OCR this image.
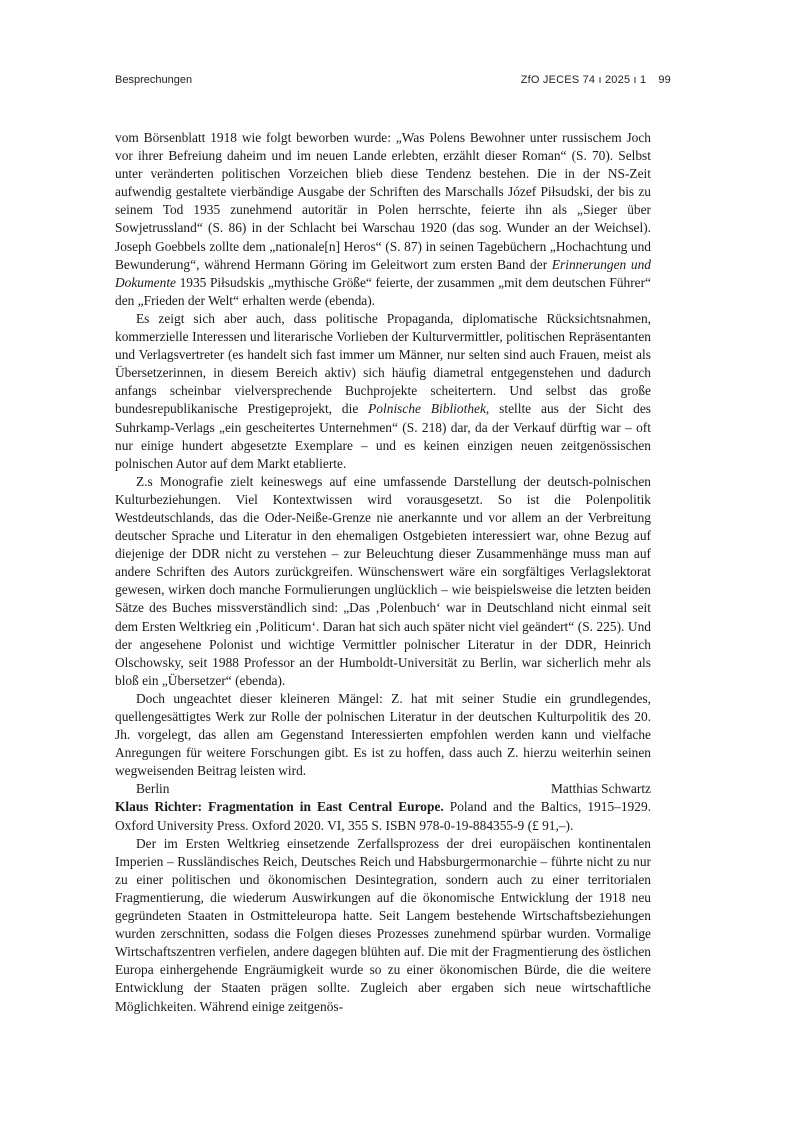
Besprechungen	ZfO JECES 74 ı 2025 ı 1 99

vom Börsenblatt 1918 wie folgt beworben wurde: „Was Polens Bewohner unter russischem Joch vor ihrer Befreiung daheim und im neuen Lande erlebten, erzählt dieser Roman“ (S. 70). Selbst unter veränderten politischen Vorzeichen blieb diese Tendenz bestehen. Die in der NS-Zeit aufwendig gestaltete vierbändige Ausgabe der Schriften des Marschalls Józef Piłsudski, der bis zu seinem Tod 1935 zunehmend autoritär in Polen herrschte, feierte ihn als „Sieger über Sowjetrussland“ (S. 86) in der Schlacht bei Warschau 1920 (das sog. Wunder an der Weichsel). Joseph Goebbels zollte dem „nationale[n] Heros“ (S. 87) in seinen Tagebüchern „Hochachtung und Bewunderung“, während Hermann Göring im Geleitwort zum ersten Band der Erinnerungen und Dokumente 1935 Piłsudskis „mythische Größe“ feierte, der zusammen „mit dem deutschen Führer“ den „Frieden der Welt“ erhalten werde (ebenda).

Es zeigt sich aber auch, dass politische Propaganda, diplomatische Rücksichtsnahmen, kommerzielle Interessen und literarische Vorlieben der Kulturvermittler, politischen Repräsentanten und Verlagsvertreter (es handelt sich fast immer um Männer, nur selten sind auch Frauen, meist als Übersetzerinnen, in diesem Bereich aktiv) sich häufig diametral entgegenstehen und dadurch anfangs scheinbar vielversprechende Buchprojekte scheitertern. Und selbst das große bundesrepublikanische Prestigeprojekt, die Polnische Bibliothek, stellte aus der Sicht des Suhrkamp-Verlags „ein gescheitertes Unternehmen“ (S. 218) dar, da der Verkauf dürftig war – oft nur einige hundert abgesetzte Exemplare – und es keinen einzigen neuen zeitgenössischen polnischen Autor auf dem Markt etablierte.

Z.s Monografie zielt keineswegs auf eine umfassende Darstellung der deutsch-polnischen Kulturbeziehungen. Viel Kontextwissen wird vorausgesetzt. So ist die Polenpolitik Westdeutschlands, das die Oder-Neiße-Grenze nie anerkannte und vor allem an der Verbreitung deutscher Sprache und Literatur in den ehemaligen Ostgebieten interessiert war, ohne Bezug auf diejenige der DDR nicht zu verstehen – zur Beleuchtung dieser Zusammenhänge muss man auf andere Schriften des Autors zurückgreifen. Wünschenswert wäre ein sorgfältiges Verlagslektorat gewesen, wirken doch manche Formulierungen unglücklich – wie beispielsweise die letzten beiden Sätze des Buches missverständlich sind: „Das ‚Polenbuch‘ war in Deutschland nicht einmal seit dem Ersten Weltkrieg ein ‚Politicum‘. Daran hat sich auch später nicht viel geändert“ (S. 225). Und der angesehene Polonist und wichtige Vermittler polnischer Literatur in der DDR, Heinrich Olschowsky, seit 1988 Professor an der Humboldt-Universität zu Berlin, war sicherlich mehr als bloß ein „Übersetzer“ (ebenda).

Doch ungeachtet dieser kleineren Mängel: Z. hat mit seiner Studie ein grundlegendes, quellengesättigtes Werk zur Rolle der polnischen Literatur in der deutschen Kulturpolitik des 20. Jh. vorgelegt, das allen am Gegenstand Interessierten empfohlen werden kann und vielfache Anregungen für weitere Forschungen gibt. Es ist zu hoffen, dass auch Z. hierzu weiterhin seinen wegweisenden Beitrag leisten wird.

Berlin	Matthias Schwartz

Klaus Richter: Fragmentation in East Central Europe. Poland and the Baltics, 1915–1929. Oxford University Press. Oxford 2020. VI, 355 S. ISBN 978-0-19-884355-9 (£ 91,–).

Der im Ersten Weltkrieg einsetzende Zerfallsprozess der drei europäischen kontinentalen Imperien – Russländisches Reich, Deutsches Reich und Habsburgermonarchie – führte nicht zu nur zu einer politischen und ökonomischen Desintegration, sondern auch zu einer territorialen Fragmentierung, die wiederum Auswirkungen auf die ökonomische Entwicklung der 1918 neu gegründeten Staaten in Ostmitteleuropa hatte. Seit Langem bestehende Wirtschaftsbeziehungen wurden zerschnitten, sodass die Folgen dieses Prozesses zunehmend spürbar wurden. Vormalige Wirtschaftszentren verfielen, andere dagegen blühten auf. Die mit der Fragmentierung des östlichen Europa einhergehende Engräumigkeit wurde so zu einer ökonomischen Bürde, die die weitere Entwicklung der Staaten prägen sollte. Zugleich aber ergaben sich neue wirtschaftliche Möglichkeiten. Während einige zeitgenös-
